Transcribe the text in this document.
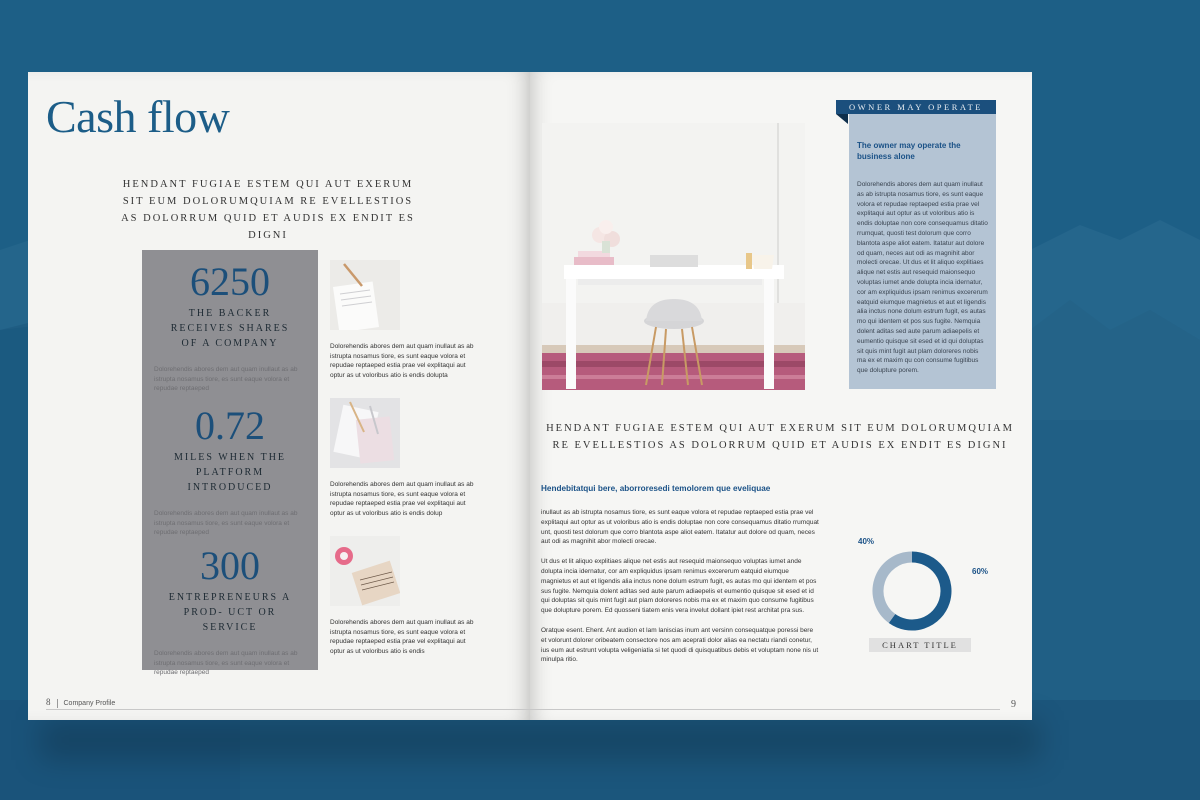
Cash flow
HENDANT FUGIAE ESTEM QUI AUT EXERUM SIT EUM DOLORUMQUIAM RE EVELLESTIOS AS DOLORRUM QUID ET AUDIS EX ENDIT ES DIGNI
6250
THE BACKER RECEIVES SHARES OF A COMPANY
Dolorehendis abores dem aut quam inullaut as ab istrupta nosamus tiore, es sunt eaque volora et repudae reptaeped
0.72
MILES WHEN THE PLATFORM INTRODUCED
Dolorehendis abores dem aut quam inullaut as ab istrupta nosamus tiore, es sunt eaque volora et repudae reptaeped
300
ENTREPRENEURS A PROD- UCT OR SERVICE
Dolorehendis abores dem aut quam inullaut as ab istrupta nosamus tiore, es sunt eaque volora et repudae reptaeped
Dolorehendis abores dem aut quam inullaut as ab istrupta nosamus tiore, es sunt eaque volora et repudae reptaeped estia prae vel explitaqui aut optur as ut voloribus atio is endis dolupta
Dolorehendis abores dem aut quam inullaut as ab istrupta nosamus tiore, es sunt eaque volora et repudae reptaeped estia prae vel explitaqui aut optur as ut voloribus atio is endis dolup
Dolorehendis abores dem aut quam inullaut as ab istrupta nosamus tiore, es sunt eaque volora et repudae reptaeped estia prae vel explitaqui aut optur as ut voloribus atio is endis
8 Company Profile
OWNER MAY OPERATE
The owner may operate the business alone
Dolorehendis abores dem aut quam inullaut as ab istrupta nosamus tiore, es sunt eaque volora et repudae reptaeped estia prae vel explitaqui aut optur as ut voloribus atio is endis doluptae non core consequamus ditatio rrumquat, quosti test dolorum que corro blantota aspe aliot eatem. Itatatur aut dolore od quam, neces aut odi as magnihit abor molecti orecae. Ut dus et lit aliquo explitiaes alique net estis aut resequid maionsequo voluptas iumet ande dolupta incia idernatur, cor am expliquidus ipsam renimus excererum eatquid eiumque magnietus et aut et ligendis alia inctus none dolum estrum fugit, es autas mo qui identem et pos sus fugite. Nemquia dolent aditas sed aute parum adiaepelis et eumentio quisque sit esed et id qui doluptas sit quis mint fugit aut plam doloreres nobis ma ex et maxim qu con consume fugitibus que dolupture porem.
HENDANT FUGIAE ESTEM QUI AUT EXERUM SIT EUM DOLORUMQUIAM RE EVELLESTIOS AS DOLORRUM QUID ET AUDIS EX ENDIT ES DIGNI
Hendebitatqui bere, aborroresedi temolorem que eveliquae

inullaut as ab istrupta nosamus tiore, es sunt eaque volora et repudae reptaeped estia prae vel explitaqui aut optur as ut voloribus atio is endis doluptae non core consequamus ditatio rrumquat unt, quosti test dolorum que corro blantota aspe aliot eatem. Itatatur aut dolore od quam, neces aut odi as magnihit abor molecti orecae.

Ut dus et lit aliquo explitiaes alique net estis aut resequid maionsequo voluptas iumet ande dolupta incia idernatur, cor am expliquidus ipsam renimus excererum eatquid eiumque magnietus et aut et ligendis alia inctus none dolum estrum fugit, es autas mo qui identem et pos sus fugite. Nemquia dolent aditas sed aute parum adiaepelis et eumentio quisque sit esed et id qui doluptas sit quis mint fugit aut plam doloreres nobis ma ex et maxim quo consume fugitibus que dolupture porem. Ed quosseni tiatem enis vera invelut dollant ipiet rest architat pra sus.

Oratque esent. Ehent. Ant audion et lam laniscias inum ant versinn consequatque poressi bere et volorunt dolorer oribeatem consectore nos am aceprati dolor alias ea nectatu riandi conetur, ius eum aut estrunt volupta veligeniatia si tet quodi di quisquatibus debis et voluptam none nis ut minulpa ritio.

40%
60%
CHART TITLE
9
